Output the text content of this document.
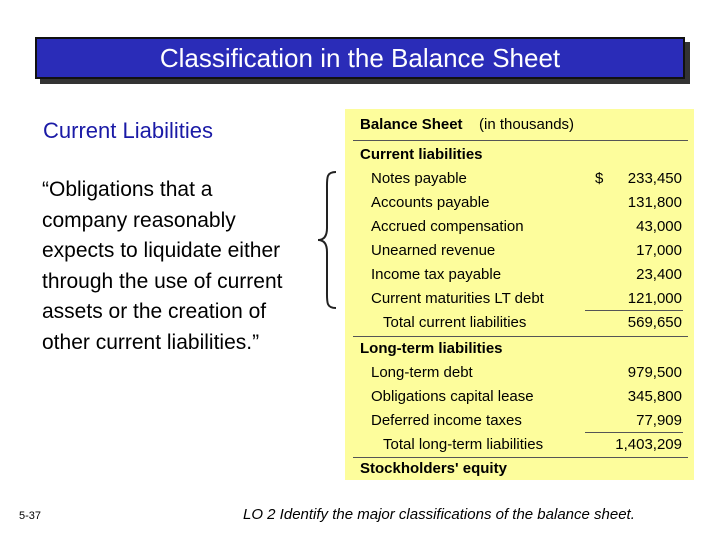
Classification in the Balance Sheet
Current Liabilities
“Obligations that a
company reasonably
expects to liquidate either
through the use of current
assets or the creation of
other current liabilities.”
Balance Sheet (in thousands)
Current liabilities
Notes payable	$ 233,450
Accounts payable	131,800
Accrued compensation	43,000
Unearned revenue	17,000
Income tax payable	23,400
Current maturities LT debt	121,000
Total current liabilities	569,650
Long-term liabilities
Long-term debt	979,500
Obligations capital lease	345,800
Deferred income taxes	77,909
Total long-term liabilities	1,403,209
Stockholders' equity
5-37	LO 2 Identify the major classifications of the balance sheet.
